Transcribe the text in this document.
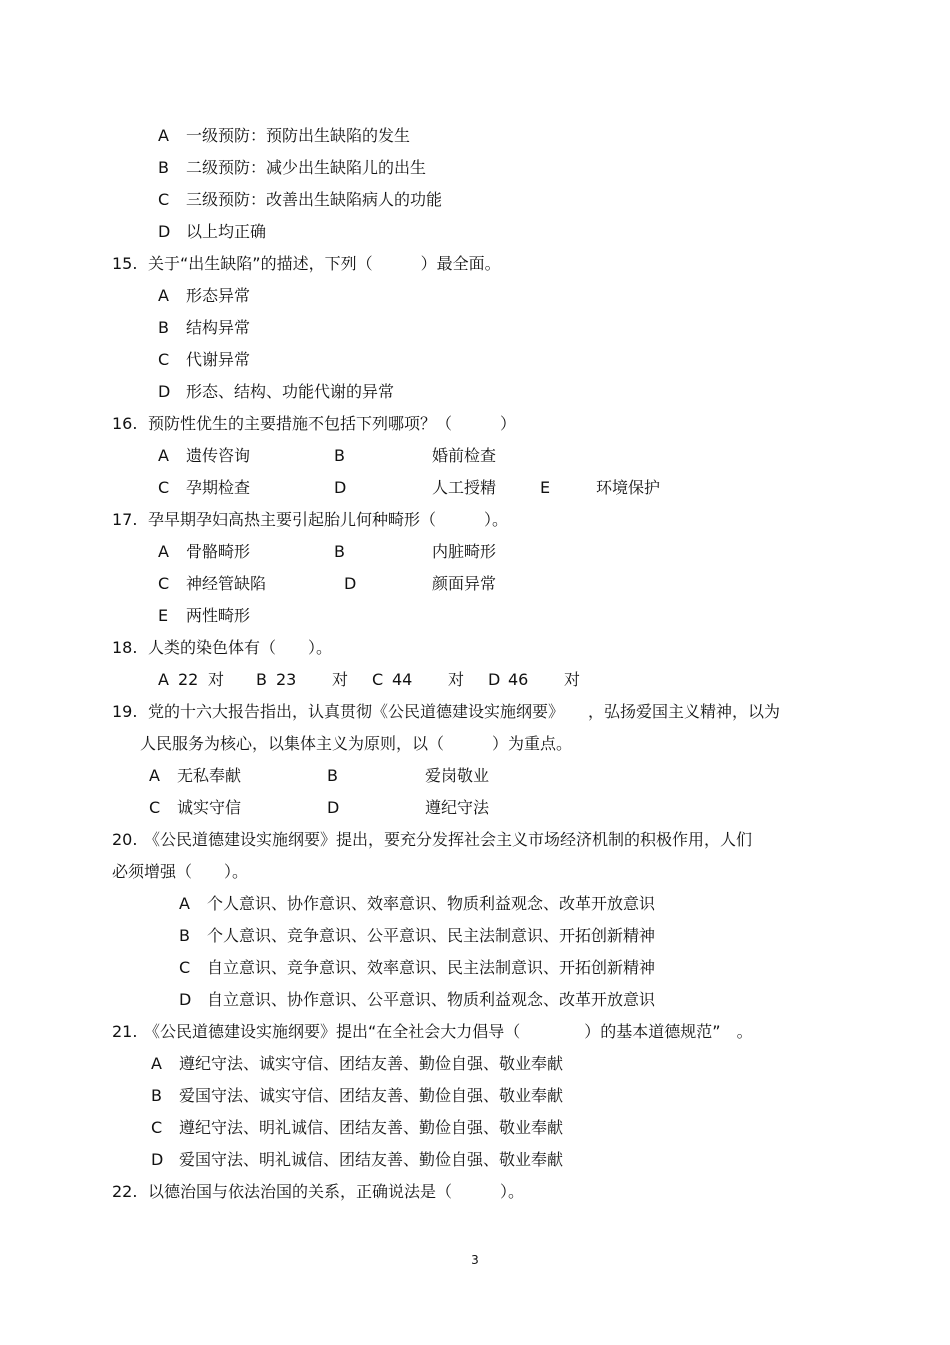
A 一级预防：预防出生缺陷的发生
B 二级预防：减少出生缺陷儿的出生
C 三级预防：改善出生缺陷病人的功能
D 以上均正确
15. 关于“出生缺陷”的描述，下列（　　　）最全面。
A 形态异常
B 结构异常
C 代谢异常
D 形态、结构、功能代谢的异常
16. 预防性优生的主要措施不包括下列哪项？（　　　）
A 遗传咨询	B	婚前检查
C 孕期检查	D	人工授精	E	环境保护
17. 孕早期孕妇高热主要引起胎儿何种畸形（　　　）。
A 骨骼畸形	B	内脏畸形
C 神经管缺陷	D	颜面异常
E 两性畸形
18. 人类的染色体有（　　）。
A 22 对 B 23 对 C 44 对 D 46 对
19. 党的十六大报告指出，认真贯彻《公民道德建设实施纲要》　　，弘扬爱国主义精神，以为
人民服务为核心，以集体主义为原则，以（　　　）为重点。
A 无私奉献	B	爱岗敬业
C 诚实守信	D	遵纪守法
20. 《公民道德建设实施纲要》提出，要充分发挥社会主义市场经济机制的积极作用，人们
必须增强（　　）。
A 个人意识、协作意识、效率意识、物质利益观念、改革开放意识
B 个人意识、竞争意识、公平意识、民主法制意识、开拓创新精神
C 自立意识、竞争意识、效率意识、民主法制意识、开拓创新精神
D 自立意识、协作意识、公平意识、物质利益观念、改革开放意识
21. 《公民道德建设实施纲要》提出“在全社会大力倡导（　　　　）的基本道德规范”　。
A 遵纪守法、诚实守信、团结友善、勤俭自强、敬业奉献
B 爱国守法、诚实守信、团结友善、勤俭自强、敬业奉献
C 遵纪守法、明礼诚信、团结友善、勤俭自强、敬业奉献
D 爱国守法、明礼诚信、团结友善、勤俭自强、敬业奉献
22. 以德治国与依法治国的关系，正确说法是（　　　）。
3
